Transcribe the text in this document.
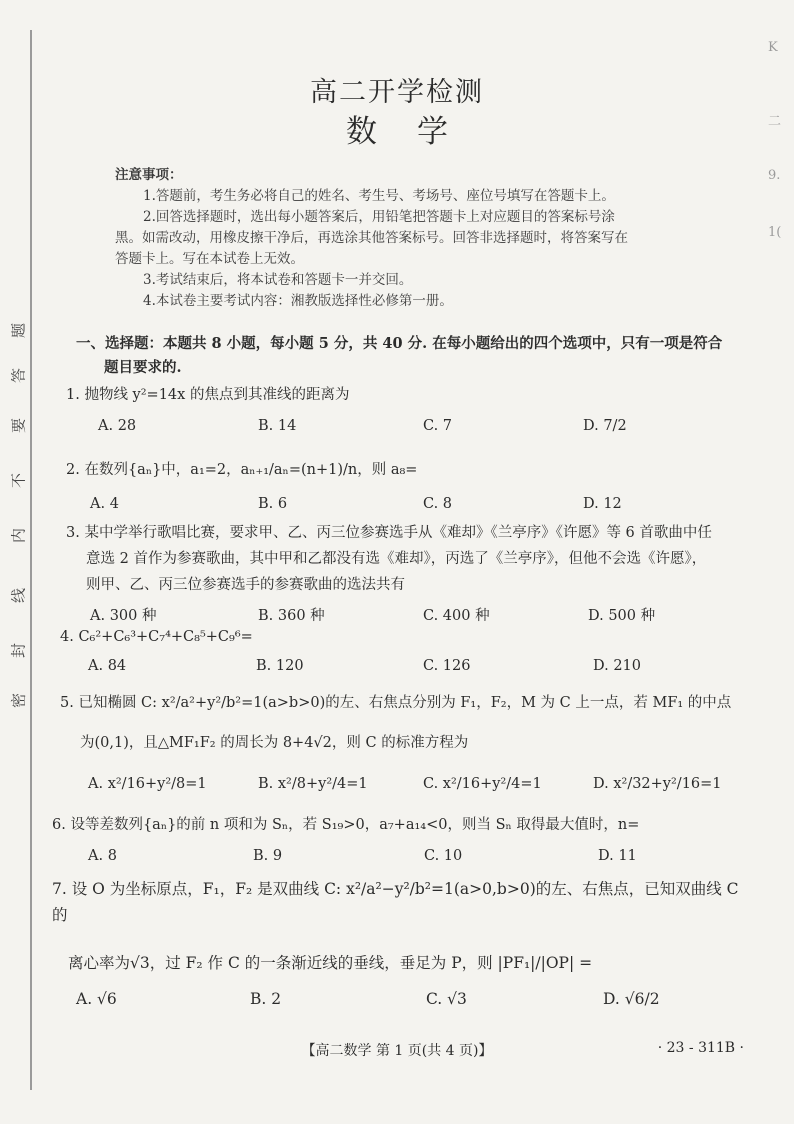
题
答
要
不
内
线
封
密
K
二
9.
1(
高二开学检测
数学
注意事项：
1.答题前，考生务必将自己的姓名、考生号、考场号、座位号填写在答题卡上。
2.回答选择题时，选出每小题答案后，用铅笔把答题卡上对应题目的答案标号涂
黑。如需改动，用橡皮擦干净后，再选涂其他答案标号。回答非选择题时，将答案写在
答题卡上。写在本试卷上无效。
3.考试结束后，将本试卷和答题卡一并交回。
4.本试卷主要考试内容：湘教版选择性必修第一册。
一、选择题：本题共 8 小题，每小题 5 分，共 40 分. 在每小题给出的四个选项中，只有一项是符合
题目要求的.
1. 抛物线 y²=14x 的焦点到其准线的距离为
A. 28	B. 14	C. 7	D. 7/2
2. 在数列{aₙ}中，a₁=2，aₙ₊₁/aₙ=(n+1)/n，则 a₈=
A. 4	B. 6	C. 8	D. 12
3. 某中学举行歌唱比赛，要求甲、乙、丙三位参赛选手从《难却》《兰亭序》《许愿》等 6 首歌曲中任
意选 2 首作为参赛歌曲，其中甲和乙都没有选《难却》，丙选了《兰亭序》，但他不会选《许愿》，
则甲、乙、丙三位参赛选手的参赛歌曲的选法共有
A. 300 种	B. 360 种	C. 400 种	D. 500 种
4. C₆²+C₆³+C₇⁴+C₈⁵+C₉⁶=
A. 84	B. 120	C. 126	D. 210
5. 已知椭圆 C: x²/a²+y²/b²=1(a>b>0)的左、右焦点分别为 F₁，F₂，M 为 C 上一点，若 MF₁ 的中点
为(0,1)，且△MF₁F₂ 的周长为 8+4√2，则 C 的标准方程为
A. x²/16+y²/8=1	B. x²/8+y²/4=1	C. x²/16+y²/4=1	D. x²/32+y²/16=1
6. 设等差数列{aₙ}的前 n 项和为 Sₙ，若 S₁₉>0，a₇+a₁₄<0，则当 Sₙ 取得最大值时，n=
A. 8	B. 9	C. 10	D. 11
7. 设 O 为坐标原点，F₁，F₂ 是双曲线 C: x²/a²−y²/b²=1(a>0,b>0)的左、右焦点，已知双曲线 C 的
离心率为√3，过 F₂ 作 C 的一条渐近线的垂线，垂足为 P，则 |PF₁|/|OP| =
A. √6	B. 2	C. √3	D. √6/2
【高二数学 第 1 页(共 4 页)】	· 23 - 311B ·
